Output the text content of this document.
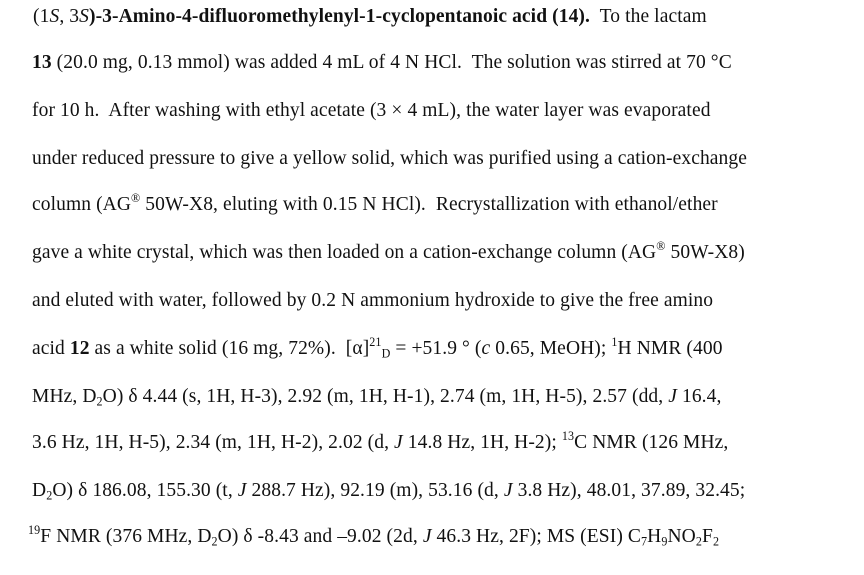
(1S, 3S)-3-Amino-4-difluoromethylenyl-1-cyclopentanoic acid (14).  To the lactam
13 (20.0 mg, 0.13 mmol) was added 4 mL of 4 N HCl.  The solution was stirred at 70 °C
for 10 h.  After washing with ethyl acetate (3 × 4 mL), the water layer was evaporated
under reduced pressure to give a yellow solid, which was purified using a cation-exchange
column (AG® 50W-X8, eluting with 0.15 N HCl).  Recrystallization with ethanol/ether
gave a white crystal, which was then loaded on a cation-exchange column (AG® 50W-X8)
and eluted with water, followed by 0.2 N ammonium hydroxide to give the free amino
acid 12 as a white solid (16 mg, 72%).  $[\alpha]^{21}_D = +51.9$ ° (c 0.65, MeOH); $^1$H NMR (400
MHz, $D_2O$) δ 4.44 (s, 1H, H-3), 2.92 (m, 1H, H-1), 2.74 (m, 1H, H-5), 2.57 (dd, J 16.4,
3.6 Hz, 1H, H-5), 2.34 (m, 1H, H-2), 2.02 (d, J 14.8 Hz, 1H, H-2); $^{13}$C NMR (126 MHz,
$D_2O$) δ 186.08, 155.30 (t, J 288.7 Hz), 92.19 (m), 53.16 (d, J 3.8 Hz), 48.01, 37.89, 32.45;
$^{19}$F NMR (376 MHz, $D_2O$) δ -8.43 and –9.02 (2d, J 46.3 Hz, 2F); MS (ESI) $C_7H_9NO_2F_2$
